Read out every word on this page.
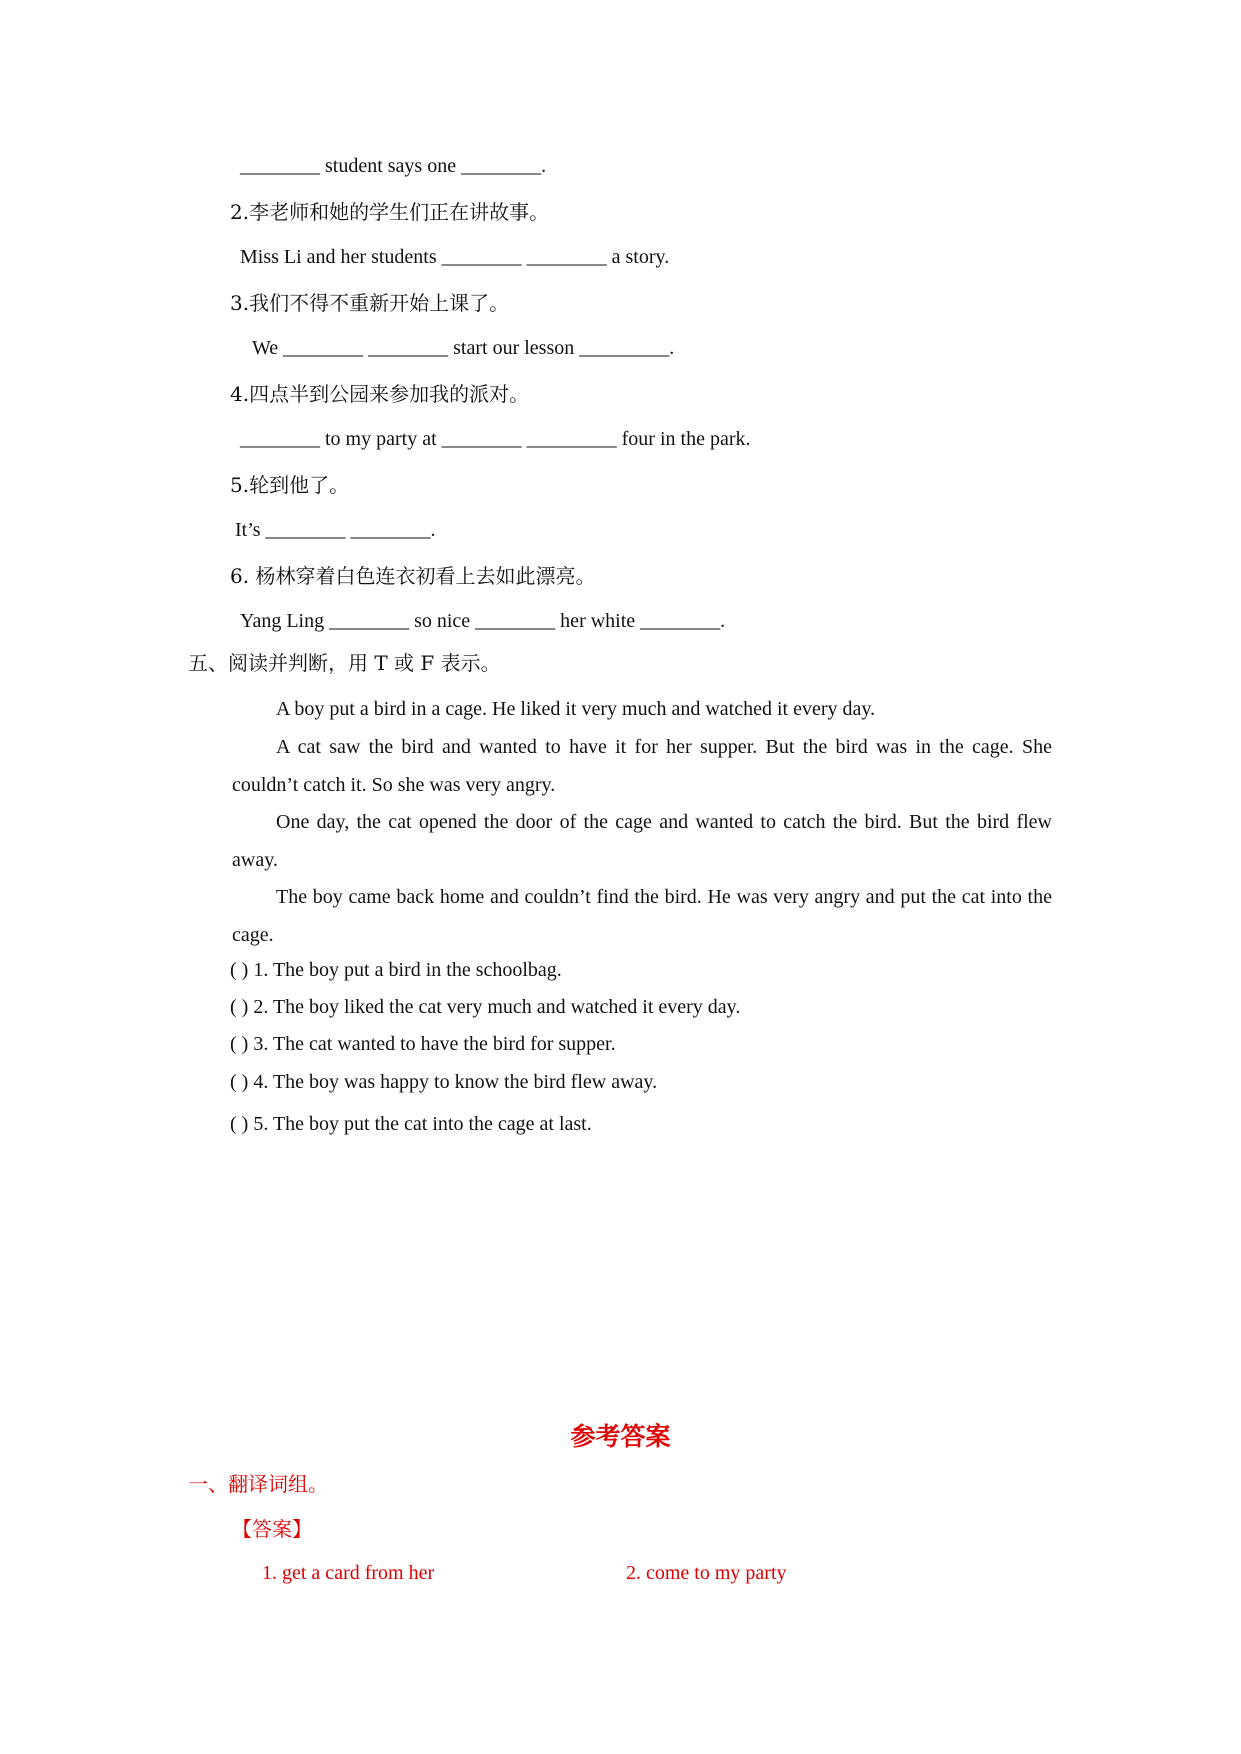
________ student says one ________.
2.李老师和她的学生们正在讲故事。
Miss Li and her students ________ ________ a story.
3.我们不得不重新开始上课了。
We ________ ________ start our lesson _________.
4.四点半到公园来参加我的派对。
________ to my party at ________ _________ four in the park.
5.轮到他了。
It’s ________ ________.
6. 杨林穿着白色连衣初看上去如此漂亮。
Yang Ling ________ so nice ________ her white ________.
五、阅读并判断，用 T 或 F 表示。
A boy put a bird in a cage. He liked it very much and watched it every day.
A cat saw the bird and wanted to have it for her supper. But the bird was in the cage. She couldn’t catch it. So she was very angry.
One day, the cat opened the door of the cage and wanted to catch the bird. But the bird flew away.
The boy came back home and couldn’t find the bird. He was very angry and put the cat into the cage.
( ) 1. The boy put a bird in the schoolbag.
( ) 2. The boy liked the cat very much and watched it every day.
( ) 3. The cat wanted to have the bird for supper.
( ) 4. The boy was happy to know the bird flew away.
( ) 5. The boy put the cat into the cage at last.
参考答案
一、翻译词组。
【答案】
1. get a card from her	2. come to my party
